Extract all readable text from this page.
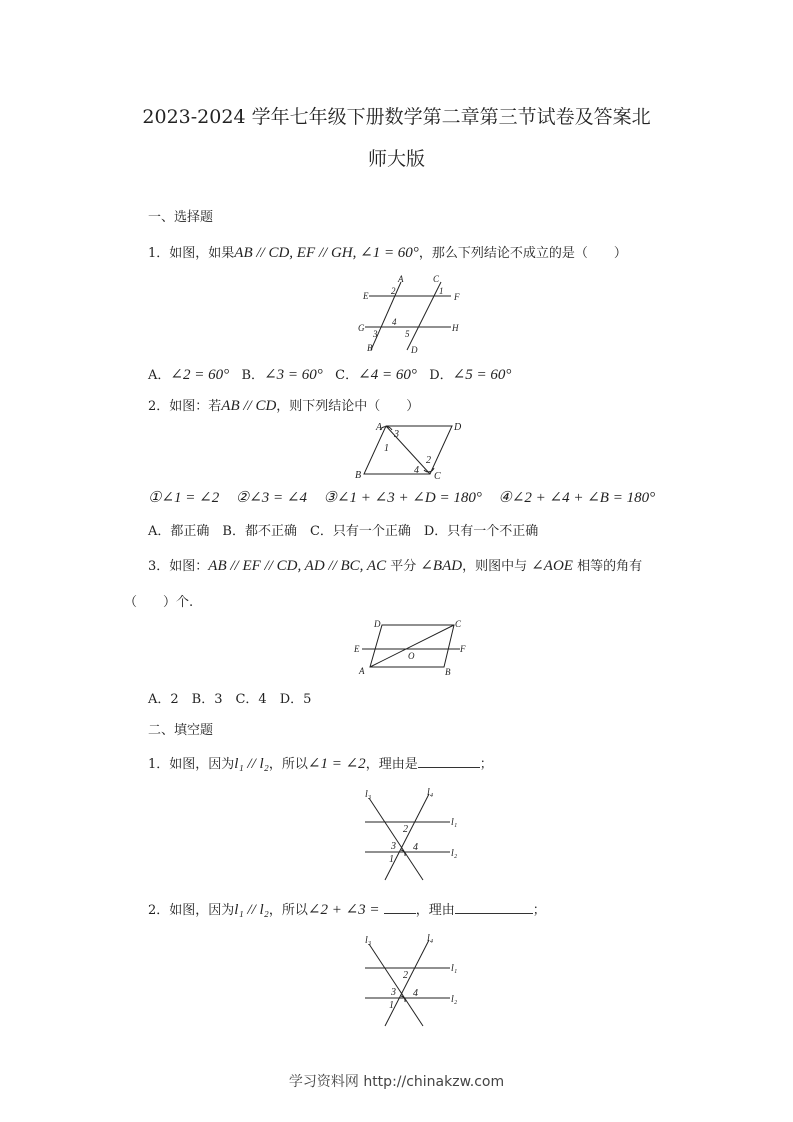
2023-2024 学年七年级下册数学第二章第三节试卷及答案北
师大版
一、选择题
1．如图，如果AB // CD, EF // GH, ∠1 = 60°，那么下列结论不成立的是（　　）
E
A
2
C
1
F
G
3
4
H
B
5
D
A．∠2 = 60° B．∠3 = 60° C．∠4 = 60° D．∠5 = 60°
2．如图：若AB // CD，则下列结论中（　　）
A
3
D
1
2
B	4
C
①∠1 = ∠2 ②∠3 = ∠4 ③∠1 + ∠3 + ∠D = 180° ④∠2 + ∠4 + ∠B = 180°
A．都正确　B．都不正确　C．只有一个正确　D．只有一个不正确
3．如图：AB // EF // CD, AD // BC, AC 平分 ∠BAD，则图中与 ∠AOE 相等的角有
（　　）个.
D	C
E
O
F
A	B
A．2　B．3　C．4　D．5
二、填空题
1．如图，因为l₁ // l₂，所以∠1 = ∠2，理由是	；
l₃	l₄
l₁
2
3 4
l₂
1
2．如图，因为l₁ // l₂，所以∠2 + ∠3 =	，理由	；
l₃	l₄
l₁
2
3 4
l₂
1
学习资料网 http://chinakzw.com
